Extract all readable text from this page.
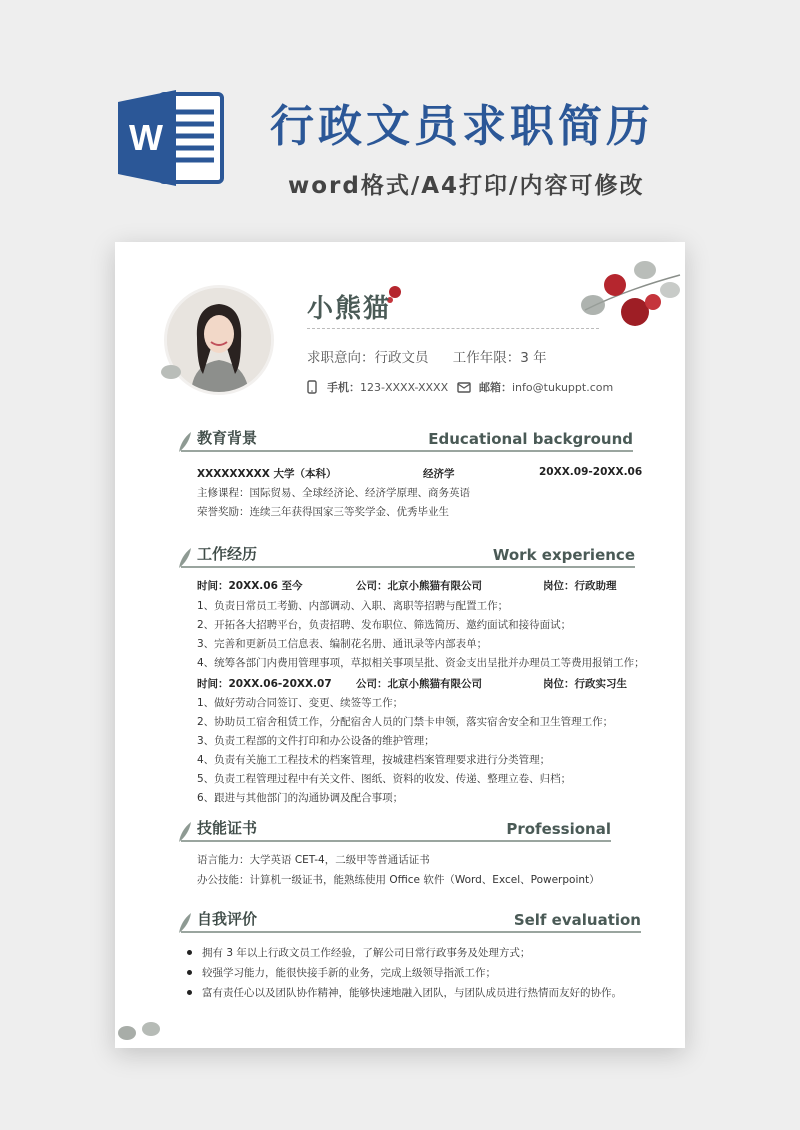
W 行政文员求职简历
word格式/A4打印/内容可修改
小熊猫
求职意向：行政文员 工作年限：3 年
手机：123-XXXX-XXXX	邮箱：info@tukuppt.com
教育背景	Educational background
XXXXXXXXX 大学（本科）	经济学	20XX.09-20XX.06
主修课程：国际贸易、全球经济论、经济学原理、商务英语
荣誉奖励：连续三年获得国家三等奖学金、优秀毕业生
工作经历	Work experience
时间：20XX.06 至今	公司：北京小熊猫有限公司	岗位：行政助理
1、负责日常员工考勤、内部调动、入职、离职等招聘与配置工作；
2、开拓各大招聘平台，负责招聘、发布职位、筛选简历、邀约面试和接待面试；
3、完善和更新员工信息表、编制花名册、通讯录等内部表单；
4、统筹各部门内费用管理事项，草拟相关事项呈批、资金支出呈批并办理员工等费用报销工作；
时间：20XX.06-20XX.07 公司：北京小熊猫有限公司	岗位：行政实习生
1、做好劳动合同签订、变更、续签等工作；
2、协助员工宿舍租赁工作，分配宿舍人员的门禁卡申领，落实宿舍安全和卫生管理工作；
3、负责工程部的文件打印和办公设备的维护管理；
4、负责有关施工工程技术的档案管理，按城建档案管理要求进行分类管理；
5、负责工程管理过程中有关文件、图纸、资料的收发、传递、整理立卷、归档；
6、跟进与其他部门的沟通协调及配合事项；
技能证书	Professional
语言能力：大学英语 CET-4，二级甲等普通话证书
办公技能：计算机一级证书，能熟练使用 Office 软件（Word、Excel、Powerpoint）
自我评价	Self evaluation
拥有 3 年以上行政文员工作经验，了解公司日常行政事务及处理方式；
较强学习能力，能很快接手新的业务，完成上级领导指派工作；
富有责任心以及团队协作精神，能够快速地融入团队，与团队成员进行热情而友好的协作。
